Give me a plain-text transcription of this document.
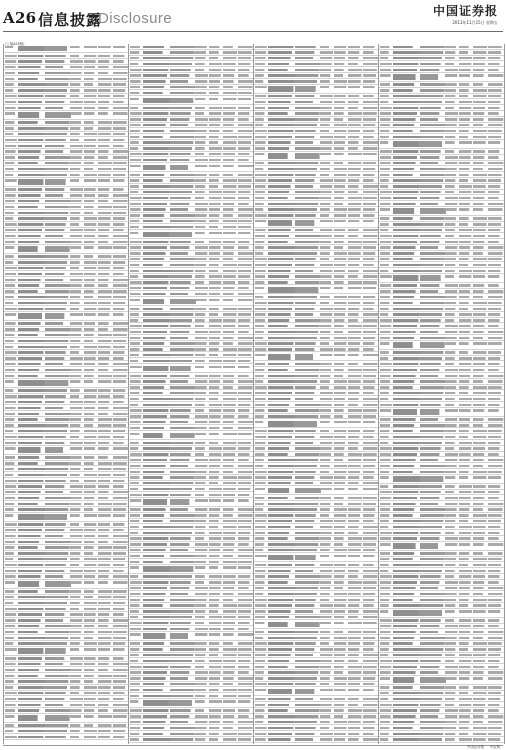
A26 信息披露
Disclosure	中国证券报
2013年11月15日 星期五
(上接A25版)
中国证券报 中证网
